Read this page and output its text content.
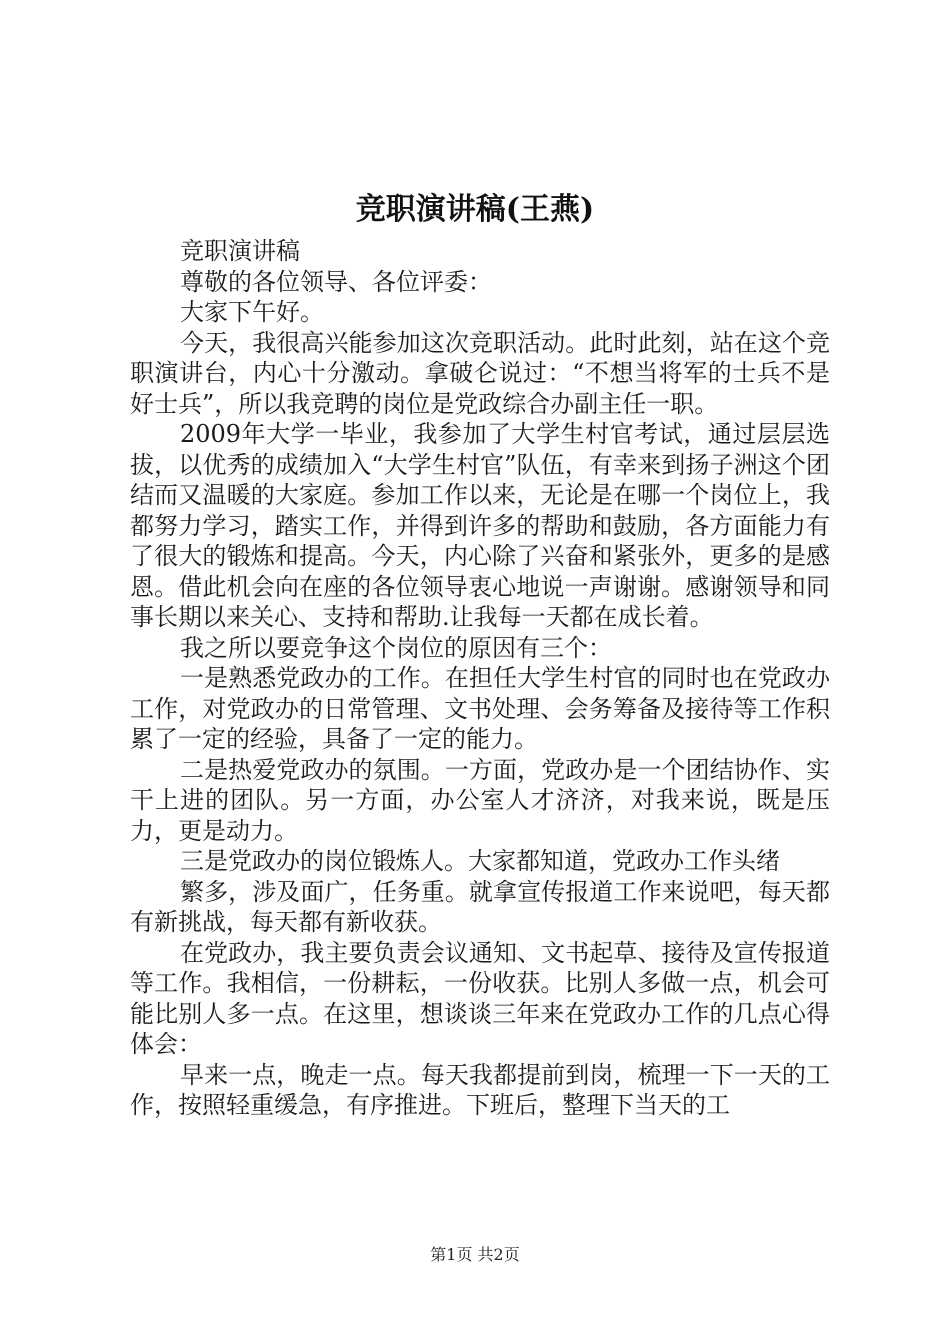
竞职演讲稿(王燕)

竞职演讲稿

尊敬的各位领导、各位评委：

大家下午好。

今天，我很高兴能参加这次竞职活动。此时此刻，站在这个竞职演讲台，内心十分激动。拿破仑说过：“不想当将军的士兵不是好士兵”，所以我竞聘的岗位是党政综合办副主任一职。

2009年大学一毕业，我参加了大学生村官考试，通过层层选拔，以优秀的成绩加入“大学生村官”队伍，有幸来到扬子洲这个团结而又温暖的大家庭。参加工作以来，无论是在哪一个岗位上，我都努力学习，踏实工作，并得到许多的帮助和鼓励，各方面能力有了很大的锻炼和提高。今天，内心除了兴奋和紧张外，更多的是感恩。借此机会向在座的各位领导衷心地说一声谢谢。感谢领导和同事长期以来关心、支持和帮助.让我每一天都在成长着。

我之所以要竞争这个岗位的原因有三个：

一是熟悉党政办的工作。在担任大学生村官的同时也在党政办工作，对党政办的日常管理、文书处理、会务筹备及接待等工作积累了一定的经验，具备了一定的能力。

二是热爱党政办的氛围。一方面，党政办是一个团结协作、实干上进的团队。另一方面，办公室人才济济，对我来说，既是压力，更是动力。

三是党政办的岗位锻炼人。大家都知道，党政办工作头绪

繁多，涉及面广，任务重。就拿宣传报道工作来说吧，每天都有新挑战，每天都有新收获。

在党政办，我主要负责会议通知、文书起草、接待及宣传报道等工作。我相信，一份耕耘，一份收获。比别人多做一点，机会可能比别人多一点。在这里，想谈谈三年来在党政办工作的几点心得体会：

早来一点，晚走一点。每天我都提前到岗，梳理一下一天的工作，按照轻重缓急，有序推进。下班后，整理下当天的工

第1页 共2页
